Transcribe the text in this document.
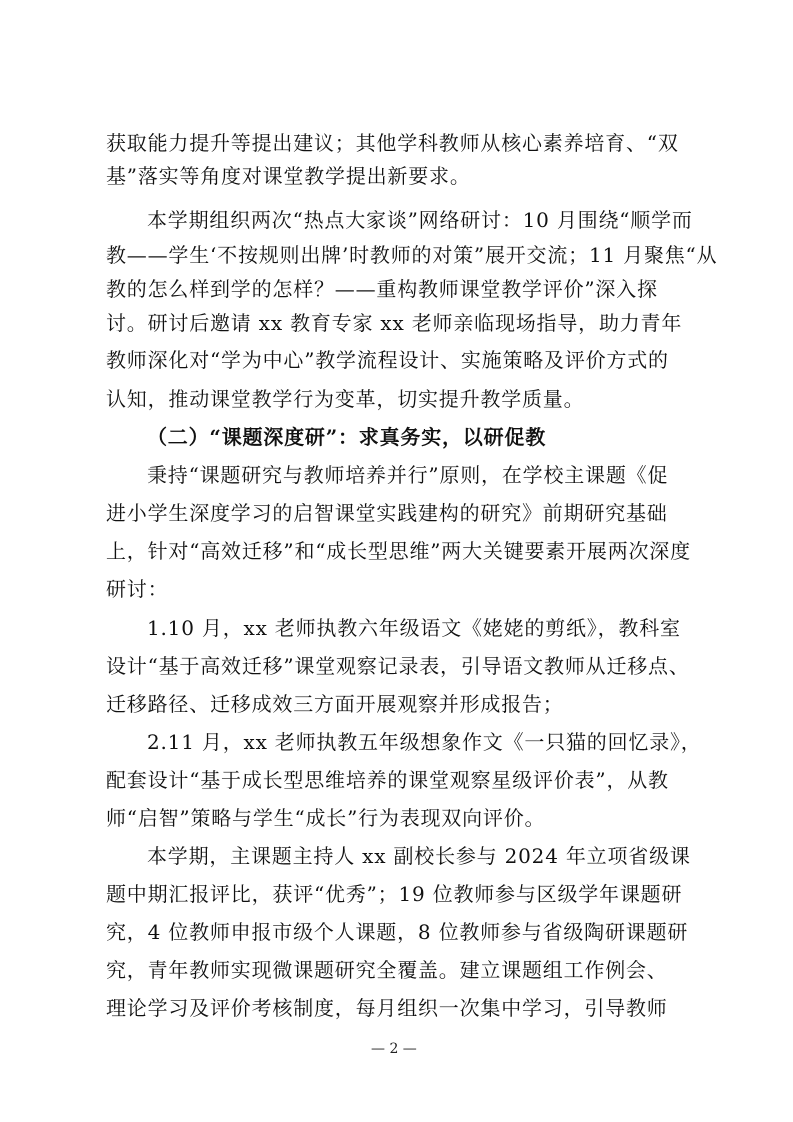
获取能力提升等提出建议；其他学科教师从核心素养培育、“双
基”落实等角度对课堂教学提出新要求。
本学期组织两次“热点大家谈”网络研讨：10 月围绕“顺学而
教——学生‘不按规则出牌’时教师的对策”展开交流；11 月聚焦“从
教的怎么样到学的怎样？——重构教师课堂教学评价”深入探
讨。研讨后邀请 xx 教育专家 xx 老师亲临现场指导，助力青年
教师深化对“学为中心”教学流程设计、实施策略及评价方式的
认知，推动课堂教学行为变革，切实提升教学质量。
（二）“课题深度研”：求真务实，以研促教
秉持“课题研究与教师培养并行”原则，在学校主课题《促
进小学生深度学习的启智课堂实践建构的研究》前期研究基础
上，针对“高效迁移”和“成长型思维”两大关键要素开展两次深度
研讨：
1.10 月，xx 老师执教六年级语文《姥姥的剪纸》，教科室
设计“基于高效迁移”课堂观察记录表，引导语文教师从迁移点、
迁移路径、迁移成效三方面开展观察并形成报告；
2.11 月，xx 老师执教五年级想象作文《一只猫的回忆录》，
配套设计“基于成长型思维培养的课堂观察星级评价表”，从教
师“启智”策略与学生“成长”行为表现双向评价。
本学期，主课题主持人 xx 副校长参与 2024 年立项省级课
题中期汇报评比，获评“优秀”；19 位教师参与区级学年课题研
究，4 位教师申报市级个人课题，8 位教师参与省级陶研课题研
究，青年教师实现微课题研究全覆盖。建立课题组工作例会、
理论学习及评价考核制度，每月组织一次集中学习，引导教师
— 2 —
